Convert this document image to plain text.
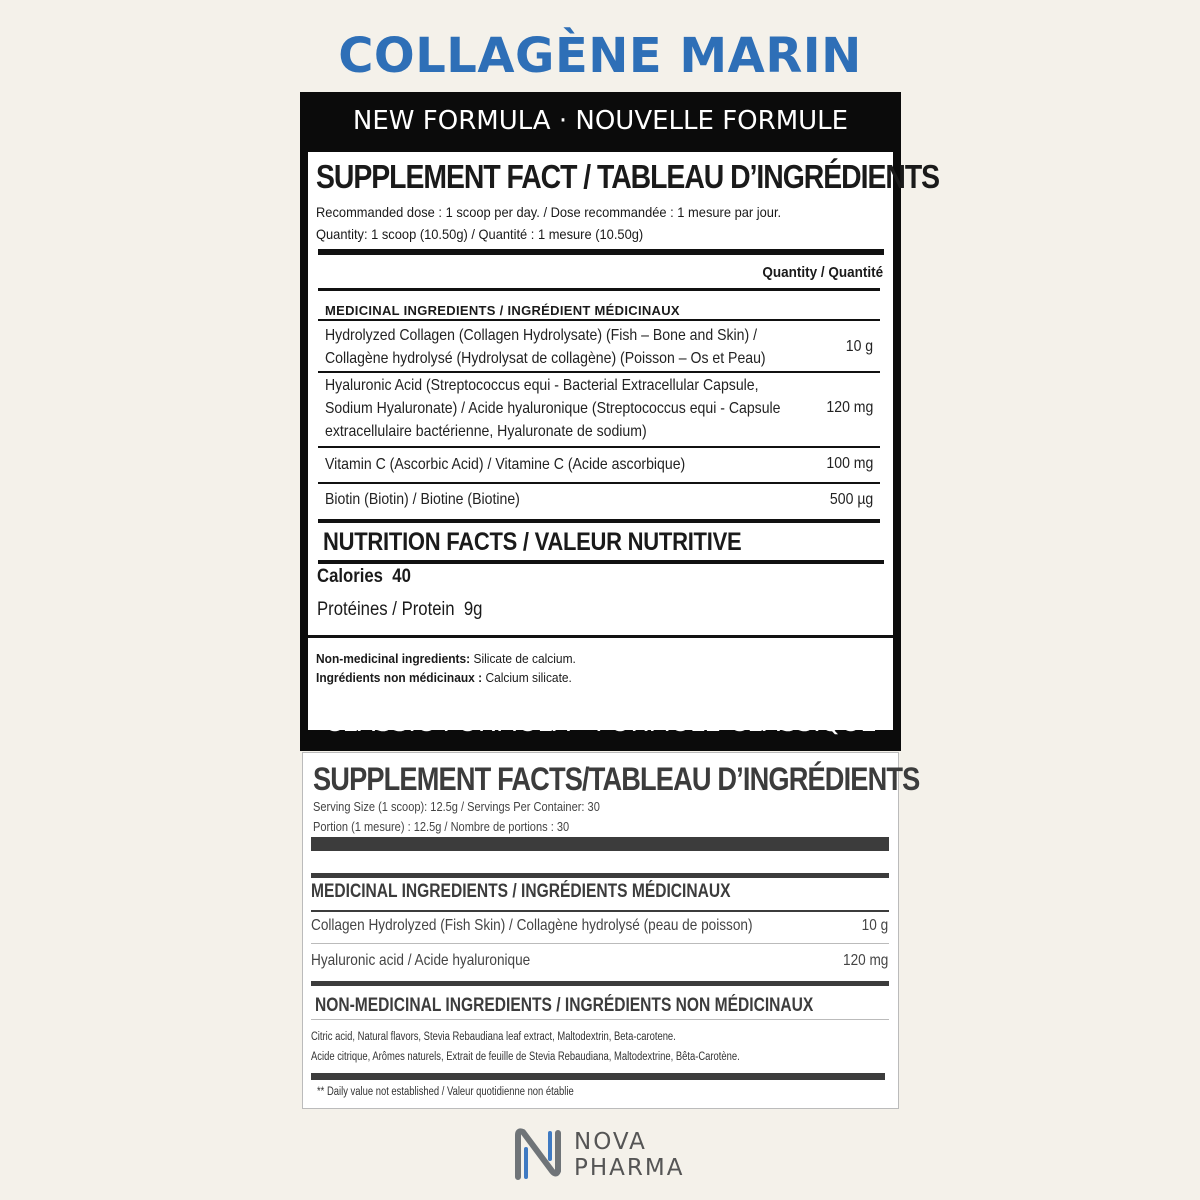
COLLAGÈNE MARIN
NEW FORMULA · NOUVELLE FORMULE
SUPPLEMENT FACT / TABLEAU D’INGRÉDIENTS
Recommanded dose : 1 scoop per day. / Dose recommandée : 1 mesure par jour.
Quantity: 1 scoop (10.50g) / Quantité : 1 mesure (10.50g)
Quantity / Quantité
MEDICINAL INGREDIENTS / INGRÉDIENT MÉDICINAUX
Hydrolyzed Collagen (Collagen Hydrolysate) (Fish – Bone and Skin) /
Collagène hydrolysé (Hydrolysat de collagène) (Poisson – Os et Peau)
10 g
Hyaluronic Acid (Streptococcus equi - Bacterial Extracellular Capsule,
Sodium Hyaluronate) / Acide hyaluronique (Streptococcus equi - Capsule
extracellulaire bactérienne, Hyaluronate de sodium)
120 mg
Vitamin C (Ascorbic Acid) / Vitamine C (Acide ascorbique)	100 mg
Biotin (Biotin) / Biotine (Biotine)	500 µg
NUTRITION FACTS / VALEUR NUTRITIVE
Calories 40
Protéines / Protein 9g
Non-medicinal ingredients: Silicate de calcium.
Ingrédients non médicinaux : Calcium silicate.
CLASSIC FORMULA · FORMULE CLASSIQUE
SUPPLEMENT FACTS/TABLEAU D’INGRÉDIENTS
Serving Size (1 scoop): 12.5g / Servings Per Container: 30
Portion (1 mesure) : 12.5g / Nombre de portions : 30
MEDICINAL INGREDIENTS / INGRÉDIENTS MÉDICINAUX
Collagen Hydrolyzed (Fish Skin) / Collagène hydrolysé (peau de poisson)	10 g
Hyaluronic acid / Acide hyaluronique	120 mg
NON-MEDICINAL INGREDIENTS / INGRÉDIENTS NON MÉDICINAUX
Citric acid, Natural flavors, Stevia Rebaudiana leaf extract, Maltodextrin, Beta-carotene.
Acide citrique, Arômes naturels, Extrait de feuille de Stevia Rebaudiana, Maltodextrine, Bêta-Carotène.
** Daily value not established / Valeur quotidienne non établie
NOVA
PHARMA
